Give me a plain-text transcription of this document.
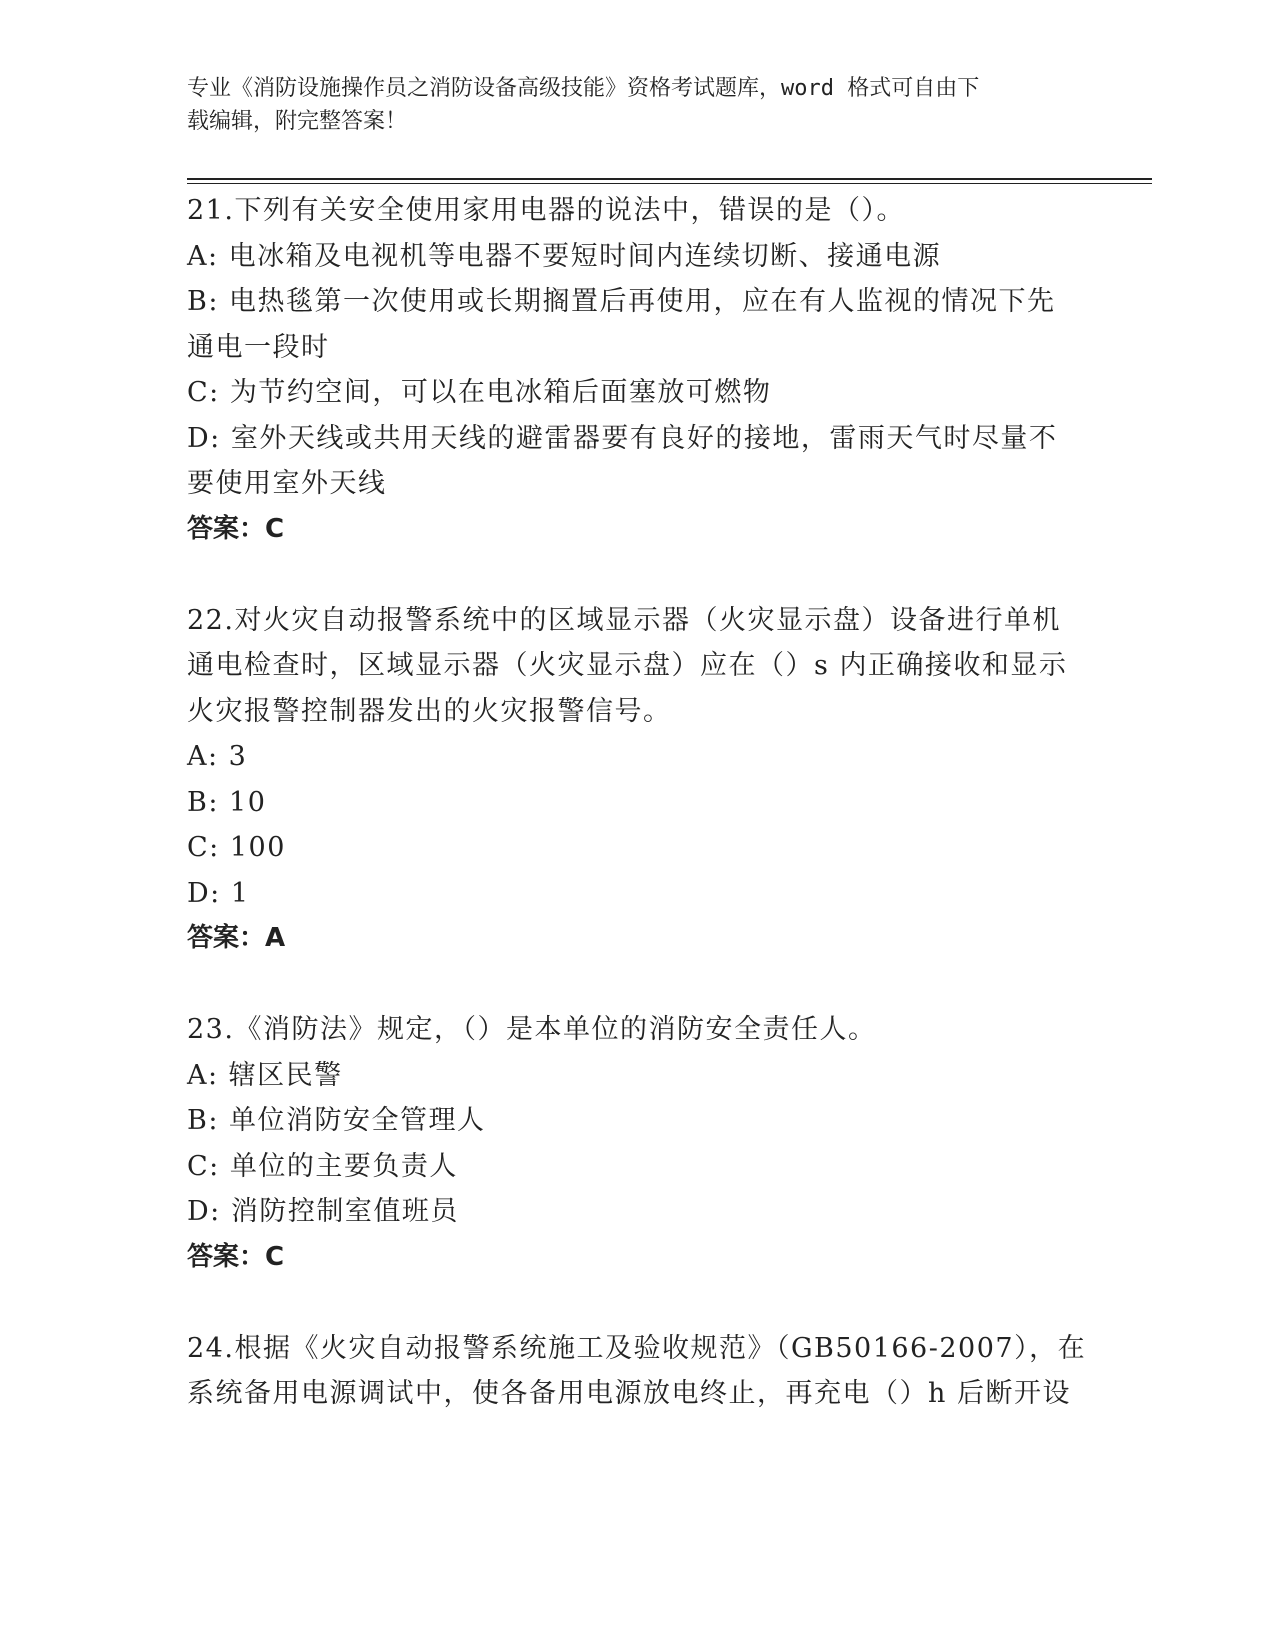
专业《消防设施操作员之消防设备高级技能》资格考试题库，word 格式可自由下
载编辑，附完整答案！
21.下列有关安全使用家用电器的说法中，错误的是（）。
A: 电冰箱及电视机等电器不要短时间内连续切断、接通电源
B: 电热毯第一次使用或长期搁置后再使用，应在有人监视的情况下先
通电一段时
C: 为节约空间，可以在电冰箱后面塞放可燃物
D: 室外天线或共用天线的避雷器要有良好的接地，雷雨天气时尽量不
要使用室外天线
答案：C
22.对火灾自动报警系统中的区域显示器（火灾显示盘）设备进行单机
通电检查时，区域显示器（火灾显示盘）应在（）s 内正确接收和显示
火灾报警控制器发出的火灾报警信号。
A: 3
B: 10
C: 100
D: 1
答案：A
23.《消防法》规定，（）是本单位的消防安全责任人。
A: 辖区民警
B: 单位消防安全管理人
C: 单位的主要负责人
D: 消防控制室值班员
答案：C
24.根据《火灾自动报警系统施工及验收规范》（GB50166-2007），在
系统备用电源调试中，使各备用电源放电终止，再充电（）h 后断开设
